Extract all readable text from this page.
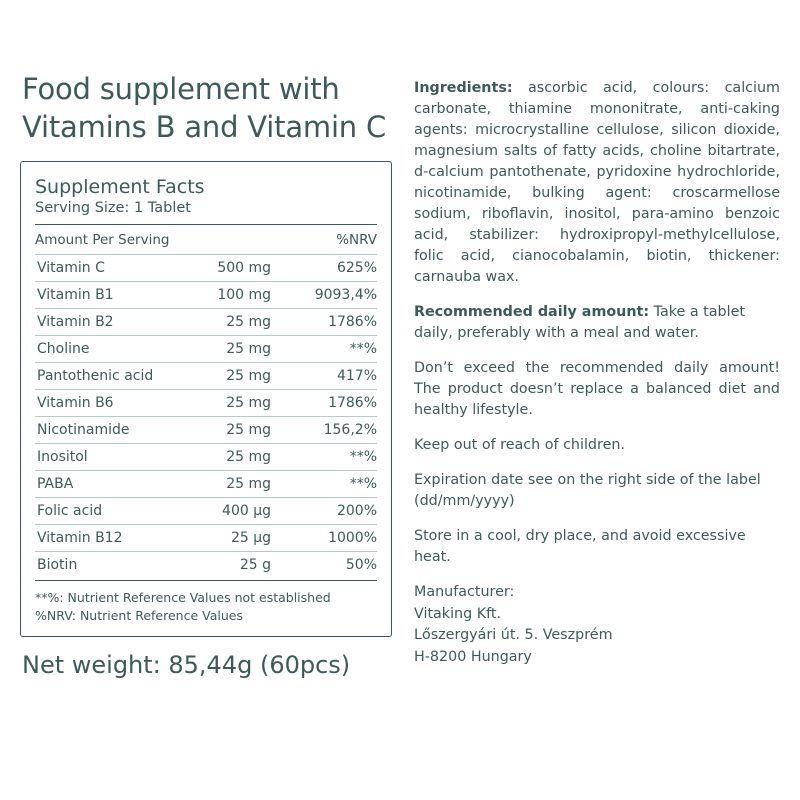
Food supplement with Vitamins B and Vitamin C
Supplement Facts
Serving Size: 1 Tablet
Amount Per Serving		%NRV
Vitamin C	500 mg	625%
Vitamin B1	100 mg	9093,4%
Vitamin B2	25 mg	1786%
Choline	25 mg	**%
Pantothenic acid	25 mg	417%
Vitamin B6	25 mg	1786%
Nicotinamide	25 mg	156,2%
Inositol	25 mg	**%
PABA	25 mg	**%
Folic acid	400 µg	200%
Vitamin B12	25 µg	1000%
Biotin	25 g	50%
**%: Nutrient Reference Values not established
%NRV: Nutrient Reference Values
Net weight: 85,44g (60pcs)

Ingredients: ascorbic acid, colours: calcium carbonate, thiamine mononitrate, anti-caking agents: microcrystalline cellulose, silicon dioxide, magnesium salts of fatty acids, choline bitartrate, d-calcium pantothenate, pyridoxine hydrochloride, nicotinamide, bulking agent: croscarmellose sodium, riboflavin, inositol, para-amino benzoic acid, stabilizer: hydroxipropyl-methylcellulose, folic acid, cianocobalamin, biotin, thickener: carnauba wax.

Recommended daily amount: Take a tablet daily, preferably with a meal and water.

Don’t exceed the recommended daily amount! The product doesn’t replace a balanced diet and healthy lifestyle.

Keep out of reach of children.

Expiration date see on the right side of the label (dd/mm/yyyy)

Store in a cool, dry place, and avoid excessive heat.

Manufacturer:
Vitaking Kft.
Lőszergyári út. 5. Veszprém
H-8200 Hungary
